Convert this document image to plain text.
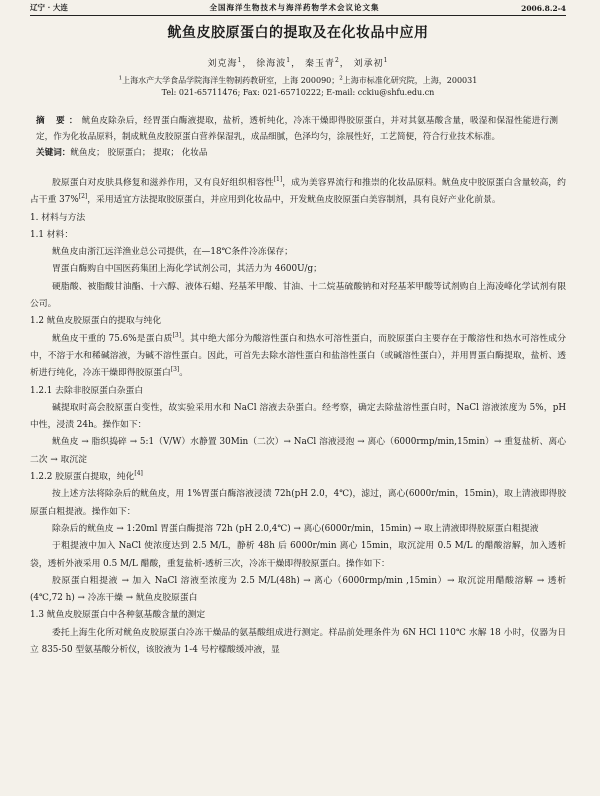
辽宁 · 大连	全国海洋生物技术与海洋药物学术会议论文集	2006.8.2-4
鱿鱼皮胶原蛋白的提取及在化妆品中应用
刘克海$^1$， 徐海波$^1$， 秦玉青$^2$， 刘承初$^1$
$^1$上海水产大学食品学院海洋生物制药教研室，上海 200090；$^2$上海市标准化研究院，上海，200031
Tel: 021-65711476; Fax: 021-65710222; E-mail: cckiu@shfu.edu.cn
摘 要：鱿鱼皮除杂后，经胃蛋白酶液提取，盐析，透析纯化，冷冻干燥即得胶原蛋白，并对其氨基酸含量，吸湿和保湿性能进行测定，作为化妆品原料，制成鱿鱼皮胶原蛋白营养保湿乳，成品细腻，色泽均匀，涂展性好，工艺简便，符合行业技术标准。
关键词：鱿鱼皮； 胶原蛋白； 提取； 化妆品

胶原蛋白对皮肤具修复和滋养作用，又有良好组织相容性[1]，成为美容界流行和推崇的化妆品原料。鱿鱼皮中胶原蛋白含量较高，约占干重 37%[2]，采用适宜方法提取胶原蛋白，并应用到化妆品中，开发鱿鱼皮胶原蛋白美容制剂，具有良好产业化前景。

1. 材料与方法

1.1 材料：

鱿鱼皮由浙江远洋渔业总公司提供，在—18℃条件冷冻保存；

胃蛋白酶购自中国医药集团上海化学试剂公司，其活力为 4600U/g；

硬脂酸、被脂酸甘油酯、十六醇、液体石蜡、羟基苯甲酸、甘油、十二烷基硫酸钠和对羟基苯甲酸等试剂购自上海凌峰化学试剂有限公司。

1.2 鱿鱼皮胶原蛋白的提取与纯化

鱿鱼皮干重的 75.6%是蛋白质[3]。其中绝大部分为酸溶性蛋白和热水可溶性蛋白，而胶原蛋白主要存在于酸溶性和热水可溶性成分中，不溶于水和稀碱溶液，为碱不溶性蛋白。因此，可首先去除水溶性蛋白和盐溶性蛋白（或碱溶性蛋白），并用胃蛋白酶提取，盐析、透析进行纯化，冷冻干燥即得胶原蛋白[3]。

1.2.1 去除非胶原蛋白杂蛋白

碱提取时高会胶原蛋白变性，故实验采用水和 NaCl 溶液去杂蛋白。经考察，确定去除盐溶性蛋白时，NaCl 溶液浓度为 5%，pH 中性，浸渍 24h。操作如下：

鱿鱼皮 → 脂织捣碎 → 5:1（V/W）水静置 30Min（二次）→ NaCl 溶液浸泡 → 离心（6000rmp/min,15min）→ 重复盐析、离心二次 → 取沉淀

1.2.2 胶原蛋白提取，纯化[4]

按上述方法将除杂后的鱿鱼皮，用 1%胃蛋白酶溶液浸渍 72h(pH 2.0，4℃)，滤过，离心(6000r/min，15min)，取上清液即得胶原蛋白粗提液。操作如下：

除杂后的鱿鱼皮 → 1:20ml 胃蛋白酶提溶 72h (pH 2.0,4℃) → 离心(6000r/min，15min) → 取上清液即得胶原蛋白粗提液

于粗提液中加入 NaCl 使浓度达到 2.5 M/L，静析 48h 后 6000r/min 离心 15min，取沉淀用 0.5 M/L 的醋酸溶解，加入透析袋，透析外液采用 0.5 M/L 醋酸，重复盐析-透析三次，冷冻干燥即得胶原蛋白。操作如下：

胶原蛋白粗提液 → 加入 NaCl 溶液至浓度为 2.5 M/L(48h) → 离心（6000rmp/min ,15min）→ 取沉淀用醋酸溶解 → 透析(4℃,72 h) → 冷冻干燥 → 鱿鱼皮胶原蛋白

1.3 鱿鱼皮胶原蛋白中各种氨基酸含量的测定

委托上海生化所对鱿鱼皮胶原蛋白冷冻干燥品的氨基酸组成进行测定。样品前处理条件为 6N HCl 110℃ 水解 18 小时，仪器为日立 835-50 型氨基酸分析仪，该胶液为 1-4 号柠檬酸缓冲液，显
